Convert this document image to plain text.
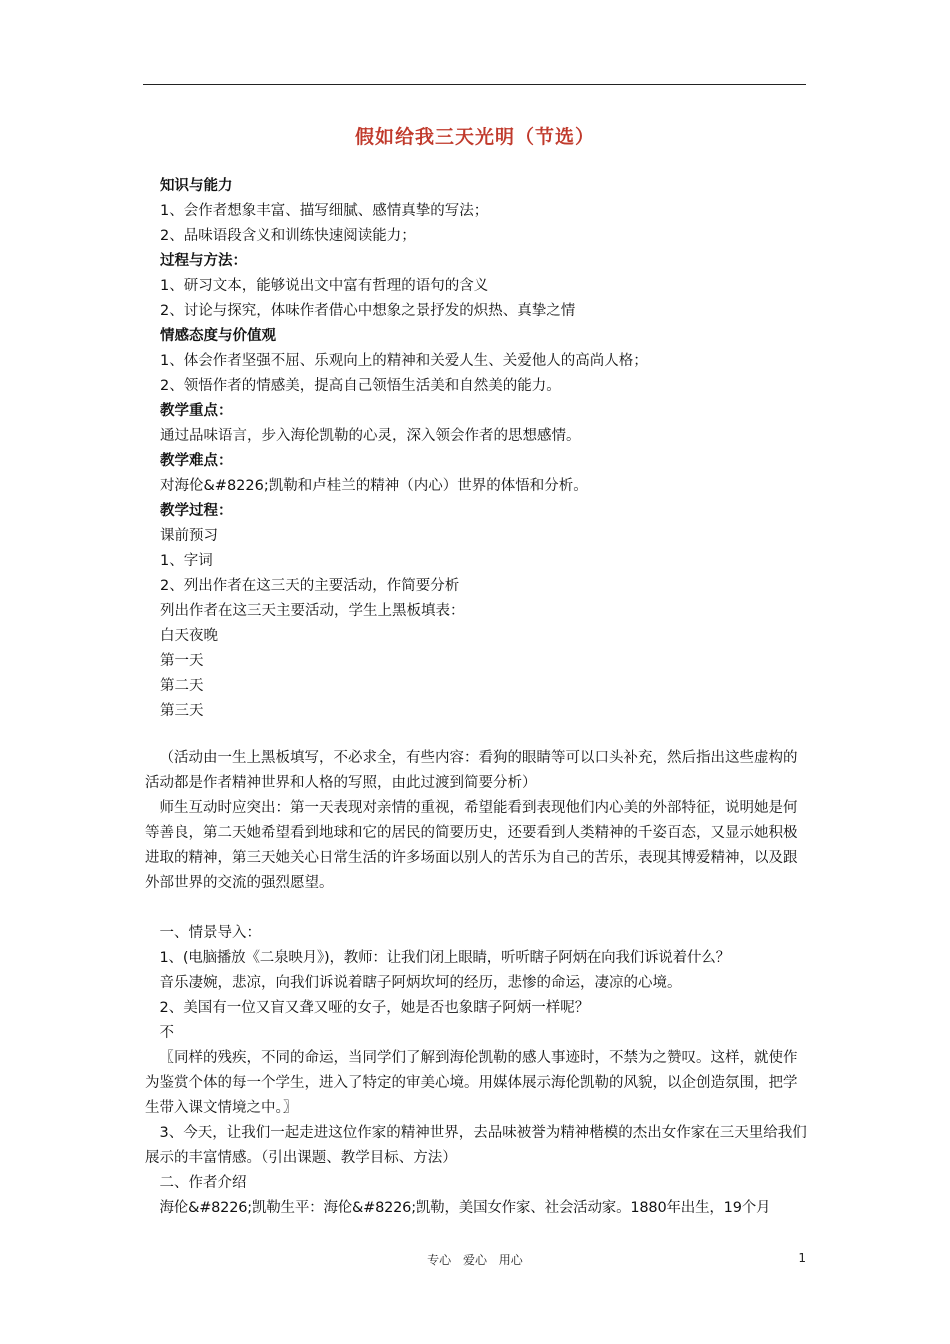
假如给我三天光明（节选）
知识与能力
1、会作者想象丰富、描写细腻、感情真挚的写法；
2、品味语段含义和训练快速阅读能力；
过程与方法：
1、研习文本，能够说出文中富有哲理的语句的含义
2、讨论与探究，体味作者借心中想象之景抒发的炽热、真挚之情
情感态度与价值观
1、体会作者坚强不屈、乐观向上的精神和关爱人生、关爱他人的高尚人格；
2、领悟作者的情感美，提高自己领悟生活美和自然美的能力。
教学重点：
通过品味语言，步入海伦凯勒的心灵，深入领会作者的思想感情。
教学难点：
对海伦&#8226;凯勒和卢桂兰的精神（内心）世界的体悟和分析。
教学过程：
课前预习
1、字词
2、列出作者在这三天的主要活动，作简要分析
列出作者在这三天主要活动，学生上黑板填表：
白天夜晚
第一天
第二天
第三天
（活动由一生上黑板填写，不必求全，有些内容：看狗的眼睛等可以口头补充，然后指出这些虚构的活动都是作者精神世界和人格的写照，由此过渡到简要分析）
师生互动时应突出：第一天表现对亲情的重视，希望能看到表现他们内心美的外部特征，说明她是何等善良，第二天她希望看到地球和它的居民的简要历史，还要看到人类精神的千姿百态，又显示她积极进取的精神，第三天她关心日常生活的许多场面以别人的苦乐为自己的苦乐，表现其博爱精神，以及跟外部世界的交流的强烈愿望。
一、情景导入：
1、(电脑播放《二泉映月》)，教师：让我们闭上眼睛，听听瞎子阿炳在向我们诉说着什么？
音乐凄婉，悲凉，向我们诉说着瞎子阿炳坎坷的经历，悲惨的命运，凄凉的心境。
2、美国有一位又盲又聋又哑的女子，她是否也象瞎子阿炳一样呢？
不
〖同样的残疾，不同的命运，当同学们了解到海伦凯勒的感人事迹时，不禁为之赞叹。这样，就使作为鉴赏个体的每一个学生，进入了特定的审美心境。用媒体展示海伦凯勒的风貌，以企创造氛围，把学生带入课文情境之中。〗
3、今天，让我们一起走进这位作家的精神世界，去品味被誉为精神楷模的杰出女作家在三天里给我们展示的丰富情感。（引出课题、教学目标、方法）
二、作者介绍
海伦&#8226;凯勒生平：海伦&#8226;凯勒，美国女作家、社会活动家。1880年出生，19个月
专心 爱心 用心	1
